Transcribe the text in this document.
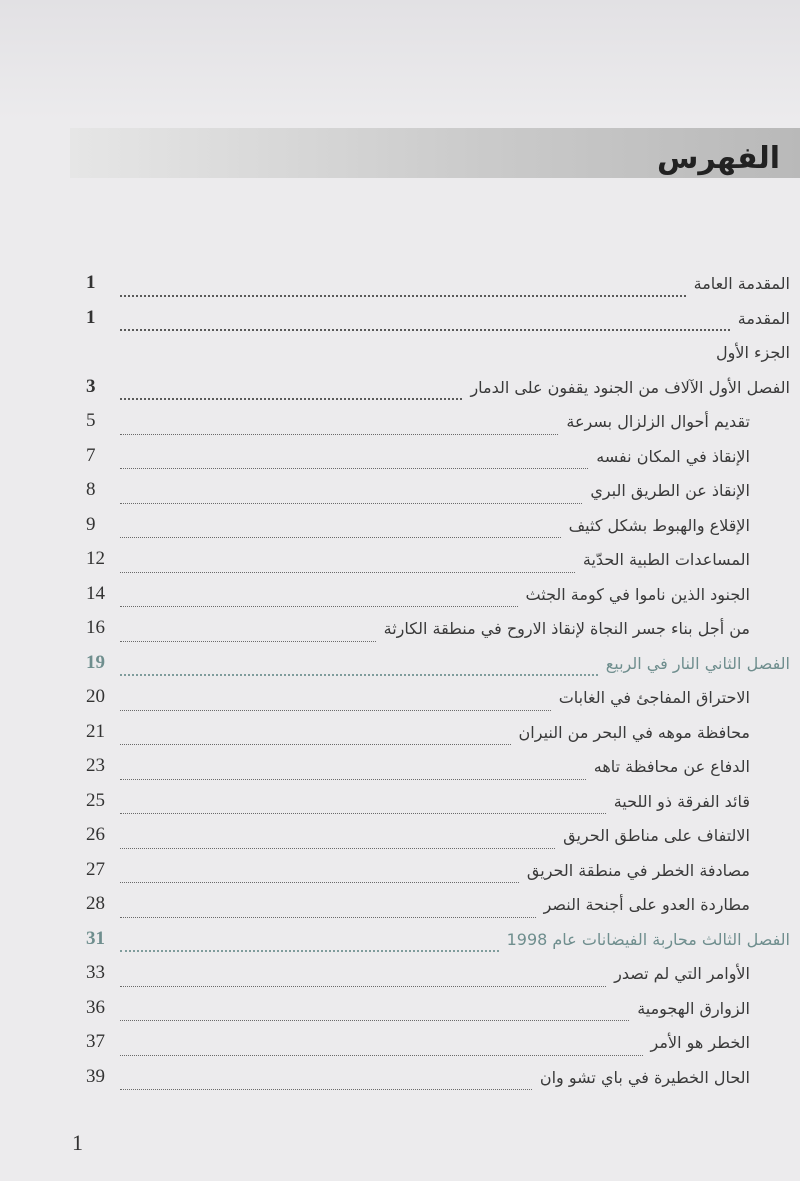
الفهرس
المقدمة العامة
1
المقدمة
1
الجزء الأول
الفصل الأول الآلاف من الجنود يقفون على الدمار
3
تقديم أحوال الزلزال بسرعة
5
الإنقاذ في المكان نفسه
7
الإنقاذ عن الطريق البري
8
الإقلاع والهبوط بشكل كثيف
9
المساعدات الطبية الحدّية
12
الجنود الذين ناموا في كومة الجثث
14
من أجل بناء جسر النجاة لإنقاذ الاروح في منطقة الكارثة
16
الفصل الثاني النار في الربيع
19
الاحتراق المفاجئ في الغابات
20
محافظة موهه في البحر من النيران
21
الدفاع عن محافظة تاهه
23
قائد الفرقة ذو اللحية
25
الالتفاف على مناطق الحريق
26
مصادفة الخطر في منطقة الحريق
27
مطاردة العدو على أجنحة النصر
28
الفصل الثالث محاربة الفيضانات عام 1998
31
الأوامر التي لم تصدر
33
الزوارق الهجومية
36
الخطر هو الأمر
37
الحال الخطيرة في باي تشو وان
39
1
